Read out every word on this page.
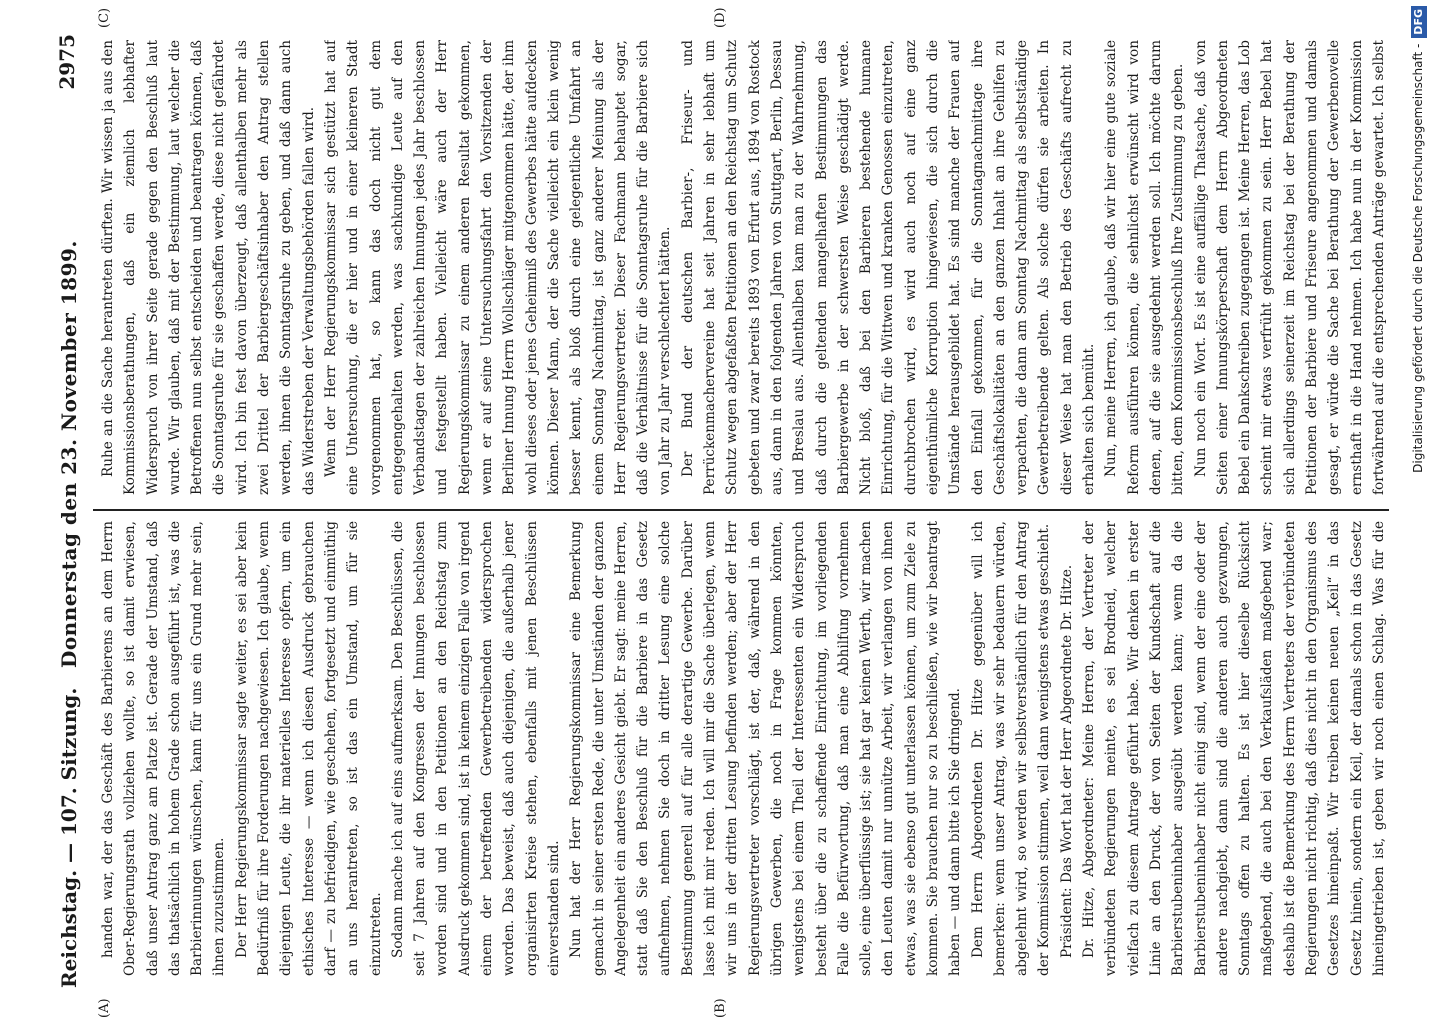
Reichstag. — 107. Sitzung.
Donnerstag den 23. November 1899.
2975
(A)	(B)
(C)	(D)

handen war, der das Geschäft des Barbierens an dem Herrn Ober-Regierungsrath vollziehen wollte, so ist damit erwiesen, daß unser Antrag ganz am Platze ist. Gerade der Umstand, daß das thatsächlich in hohem Grade schon ausgeführt ist, was die Barbierinnungen wünschen, kann für uns ein Grund mehr sein, ihnen zuzustimmen. Der Herr Regierungskommissar sagte weiter, es sei aber kein Bedürfniß für ihre Forderungen nachgewiesen. Ich glaube, wenn diejenigen Leute, die ihr materielles Interesse opfern, um ein ethisches Interesse — wenn ich diesen Ausdruck gebrauchen darf — zu befriedigen, wie geschehen, fortgesetzt und einmüthig an uns herantreten, so ist das ein Umstand, um für sie einzutreten. Sodann mache ich auf eins aufmerksam. Den Beschlüssen, die seit 7 Jahren auf den Kongressen der Innungen beschlossen worden sind und in den Petitionen an den Reichstag zum Ausdruck gekommen sind, ist in keinem einzigen Falle von irgend einem der betreffenden Gewerbetreibenden widersprochen worden. Das beweist, daß auch diejenigen, die außerhalb jener organisirten Kreise stehen, ebenfalls mit jenen Beschlüssen einverstanden sind. Nun hat der Herr Regierungskommissar eine Bemerkung gemacht in seiner ersten Rede, die unter Umständen der ganzen Angelegenheit ein anderes Gesicht giebt. Er sagt: meine Herren, statt daß Sie den Beschluß für die Barbiere in das Gesetz aufnehmen, nehmen Sie doch in dritter Lesung eine solche Bestimmung generell auf für alle derartige Gewerbe. Darüber lasse ich mit mir reden. Ich will mir die Sache überlegen, wenn wir uns in der dritten Lesung befinden werden; aber der Herr Regierungsvertreter vorschlägt, ist der, daß, während in den übrigen Gewerben, die noch in Frage kommen könnten, wenigstens bei einem Theil der Interessenten ein Widerspruch besteht über die zu schaffende Einrichtung, im vorliegenden Falle die Befürwortung, daß man eine Abhilfung vornehmen solle, eine überflüssige ist; sie hat gar keinen Werth, wir machen den Leuten damit nur unnütze Arbeit, wir verlangen von ihnen etwas, was sie ebenso gut unterlassen können, um zum Ziele zu kommen. Sie brauchen nur so zu beschließen, wie wir beantragt haben — und dann bitte ich Sie dringend. Dem Herrn Abgeordneten Dr. Hitze gegenüber will ich bemerken: wenn unser Antrag, was wir sehr bedauern würden, abgelehnt wird, so werden wir selbstverständlich für den Antrag der Kommission stimmen, weil dann wenigstens etwas geschieht. Präsident: Das Wort hat der Herr Abgeordnete Dr. Hitze. Dr. Hitze, Abgeordneter: Meine Herren, der Vertreter der verbündeten Regierungen meinte, es sei Brodneid, welcher vielfach zu diesem Antrage geführt habe. Wir denken in erster Linie an den Druck, der von Seiten der Kundschaft auf die Barbierstubeninhaber ausgeübt werden kann; wenn da die Barbierstubeninhaber nicht einig sind, wenn der eine oder der andere nachgiebt, dann sind die anderen auch gezwungen, Sonntags offen zu halten. Es ist hier dieselbe Rücksicht maßgebend, die auch bei den Verkaufsläden maßgebend war; deshalb ist die Bemerkung des Herrn Vertreters der verbündeten Regierungen nicht richtig, daß dies nicht in den Organismus des Gesetzes hineinpaßt. Wir treiben keinen neuen „Keil“ in das Gesetz hinein, sondern ein Keil, der damals schon in das Gesetz hineingetrieben ist, geben wir noch einen Schlag. Was für die

Ruhe an die Sache herantreten dürften. Wir wissen ja aus den Kommissionsberathungen, daß ein ziemlich lebhafter Widerspruch von ihrer Seite gerade gegen den Beschluß laut wurde. Wir glauben, daß mit der Bestimmung, laut welcher die Betroffenen nun selbst entscheiden und beantragen können, daß die Sonntagsruhe für sie geschaffen werde, diese nicht gefährdet wird. Ich bin fest davon überzeugt, daß allenthalben mehr als zwei Drittel der Barbiergeschäftsinhaber den Antrag stellen werden, ihnen die Sonntagsruhe zu geben, und daß dann auch das Widerstreben der Verwaltungsbehörden fallen wird. Wenn der Herr Regierungskommissar sich gestützt hat auf eine Untersuchung, die er hier und in einer kleineren Stadt vorgenommen hat, so kann das doch nicht gut dem entgegengehalten werden, was sachkundige Leute auf den Verbandstagen der zahlreichen Innungen jedes Jahr beschlossen und festgestellt haben. Vielleicht wäre auch der Herr Regierungskommissar zu einem anderen Resultat gekommen, wenn er auf seine Untersuchungsfahrt den Vorsitzenden der Berliner Innung Herrn Wollschläger mitgenommen hätte, der ihm wohl dieses oder jenes Geheimniß des Gewerbes hätte aufdecken können. Dieser Mann, der die Sache vielleicht ein klein wenig besser kennt, als bloß durch eine gelegentliche Umfahrt an einem Sonntag Nachmittag, ist ganz anderer Meinung als der Herr Regierungsvertreter. Dieser Fachmann behauptet sogar, daß die Verhältnisse für die Sonntagsruhe für die Barbiere sich von Jahr zu Jahr verschlechtert hätten. Der Bund der deutschen Barbier-, Friseur- und Perrückenmachervereine hat seit Jahren in sehr lebhaft um Schutz wegen abgefaßten Petitionen an den Reichstag um Schutz gebeten und zwar bereits 1893 von Erfurt aus, 1894 von Rostock aus, dann in den folgenden Jahren von Stuttgart, Berlin, Dessau und Breslau aus. Allenthalben kam man zu der Wahrnehmung, daß durch die geltenden mangelhaften Bestimmungen das Barbiergewerbe in der schwersten Weise geschädigt werde. Nicht bloß, daß bei den Barbieren bestehende humane Einrichtung, für die Wittwen und kranken Genossen einzutreten, durchbrochen wird, es wird auch noch auf eine ganz eigenthümliche Korruption hingewiesen, die sich durch die Umstände herausgebildet hat. Es sind manche der Frauen auf den Einfall gekommen, für die Sonntagnachmittage ihre Geschäftslokalitäten an den ganzen Inhalt an ihre Gehilfen zu verpachten, die dann am Sonntag Nachmittag als selbstständige Gewerbetreibende gelten. Als solche dürfen sie arbeiten. In dieser Weise hat man den Betrieb des Geschäfts aufrecht zu erhalten sich bemüht. Nun, meine Herren, ich glaube, daß wir hier eine gute soziale Reform ausführen können, die sehnlichst erwünscht wird von denen, auf die sie ausgedehnt werden soll. Ich möchte darum bitten, dem Kommissionsbeschluß Ihre Zustimmung zu geben. Nun noch ein Wort. Es ist eine auffällige Thatsache, daß von Seiten einer Innungskörperschaft dem Herrn Abgeordneten Bebel ein Dankschreiben zugegangen ist. Meine Herren, das Lob scheint mir etwas verfrüht gekommen zu sein. Herr Bebel hat sich allerdings seinerzeit im Reichstag bei der Berathung der Petitionen der Barbiere und Friseure angenommen und damals gesagt, er würde die Sache bei Berathung der Gewerbenovelle ernsthaft in die Hand nehmen. Ich habe nun in der Kommission fortwährend auf die entsprechenden Anträge gewartet. Ich selbst	Digitalisierung gefördert durch die Deutsche Forschungsgemeinschaft -DFG
